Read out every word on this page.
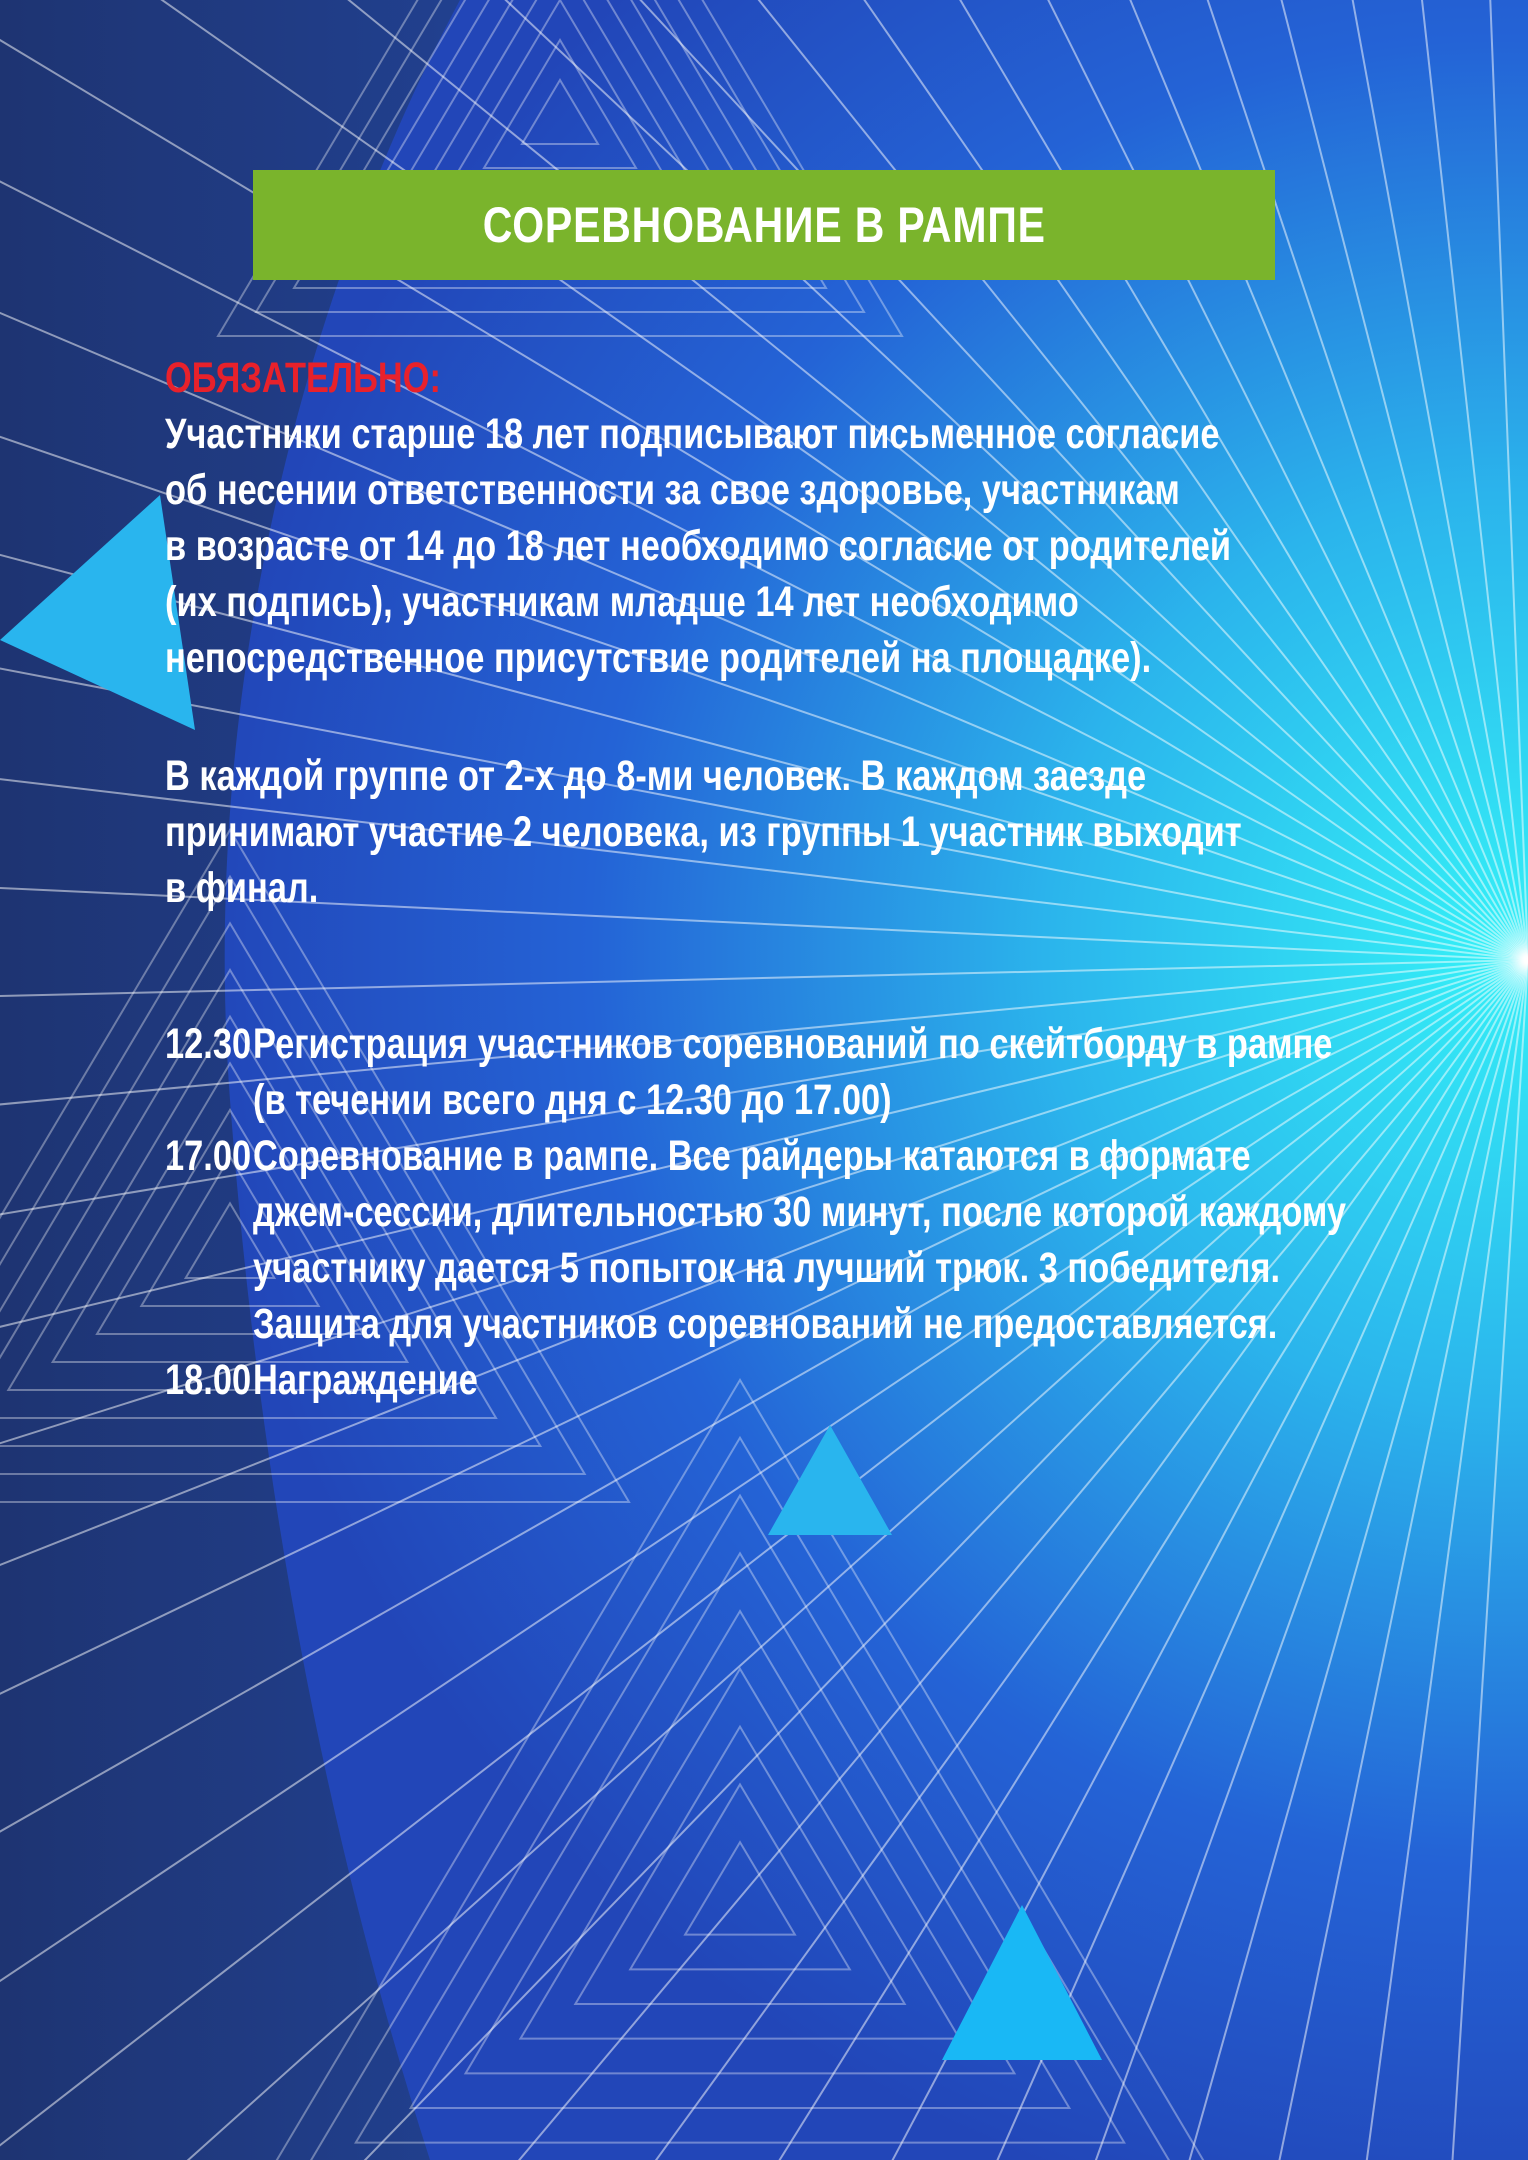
СОРЕВНОВАНИЕ В РАМПЕ
ОБЯЗАТЕЛЬНО:
Участники старше 18 лет подписывают письменное согласие
об несении ответственности за свое здоровье, участникам
в возрасте от 14 до 18 лет необходимо согласие от родителей
(их подпись), участникам младше 14 лет необходимо
непосредственное присутствие родителей на площадке).
В каждой группе от 2-х до 8-ми человек. В каждом заезде
принимают участие 2 человека, из группы 1 участник выходит
в финал.
12.30Регистрация участников соревнований по скейтборду в рампе
(в течении всего дня с 12.30 до 17.00)
17.00Соревнование в рампе. Все райдеры катаются в формате
джем-сессии, длительностью 30 минут, после которой каждому
участнику дается 5 попыток на лучший трюк. 3 победителя.
Защита для участников соревнований не предоставляется.
18.00Награждение
